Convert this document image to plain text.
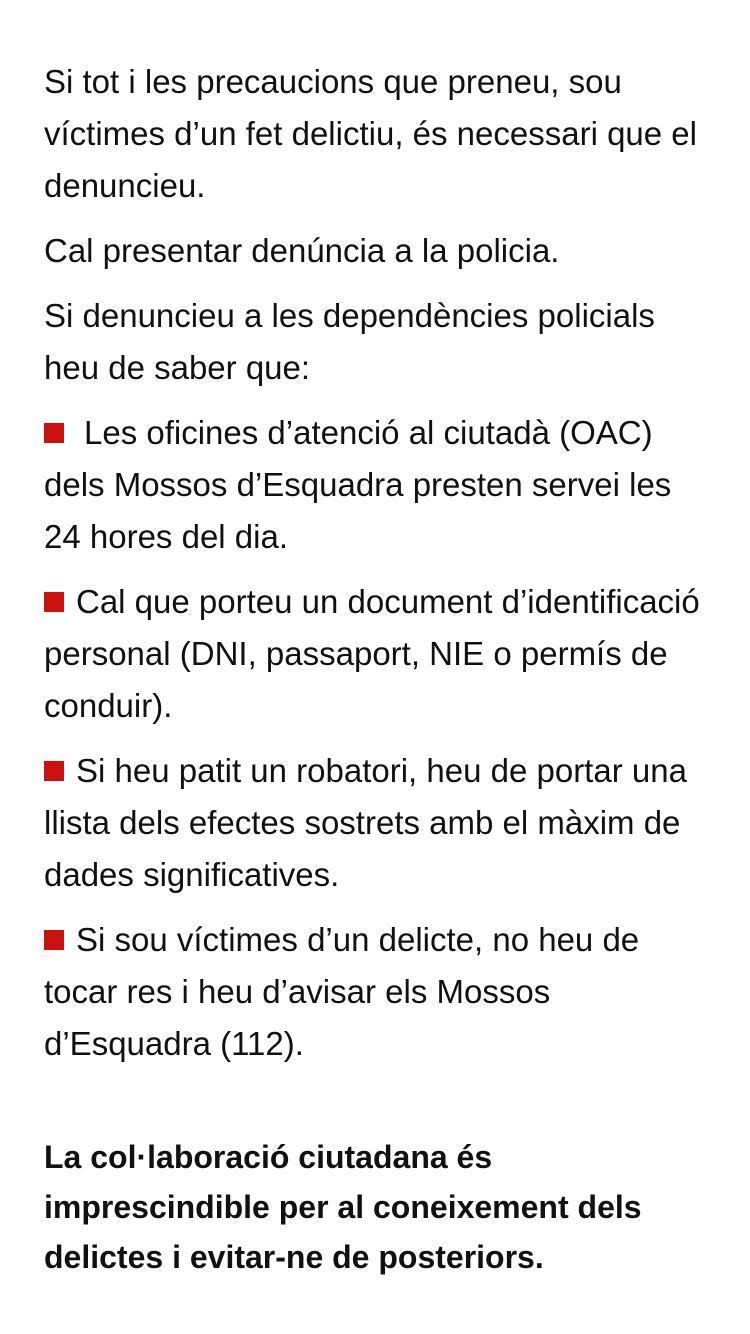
Si tot i les precaucions que preneu, sou víctimes d’un fet delictiu, és necessari que el denuncieu.

Cal presentar denúncia a la policia.

Si denuncieu a les dependències policials heu de saber que:

Les oficines d’atenció al ciutadà (OAC) dels Mossos d’Esquadra presten servei les 24 hores del dia.
Cal que porteu un document d’identificació personal (DNI, passaport, NIE o permís de conduir).
Si heu patit un robatori, heu de portar una llista dels efectes sostrets amb el màxim de dades significatives.
Si sou víctimes d’un delicte, no heu de tocar res i heu d’avisar els Mossos d’Esquadra (112).

La col·laboració ciutadana és imprescindible per al coneixement dels delictes i evitar-ne de posteriors.
